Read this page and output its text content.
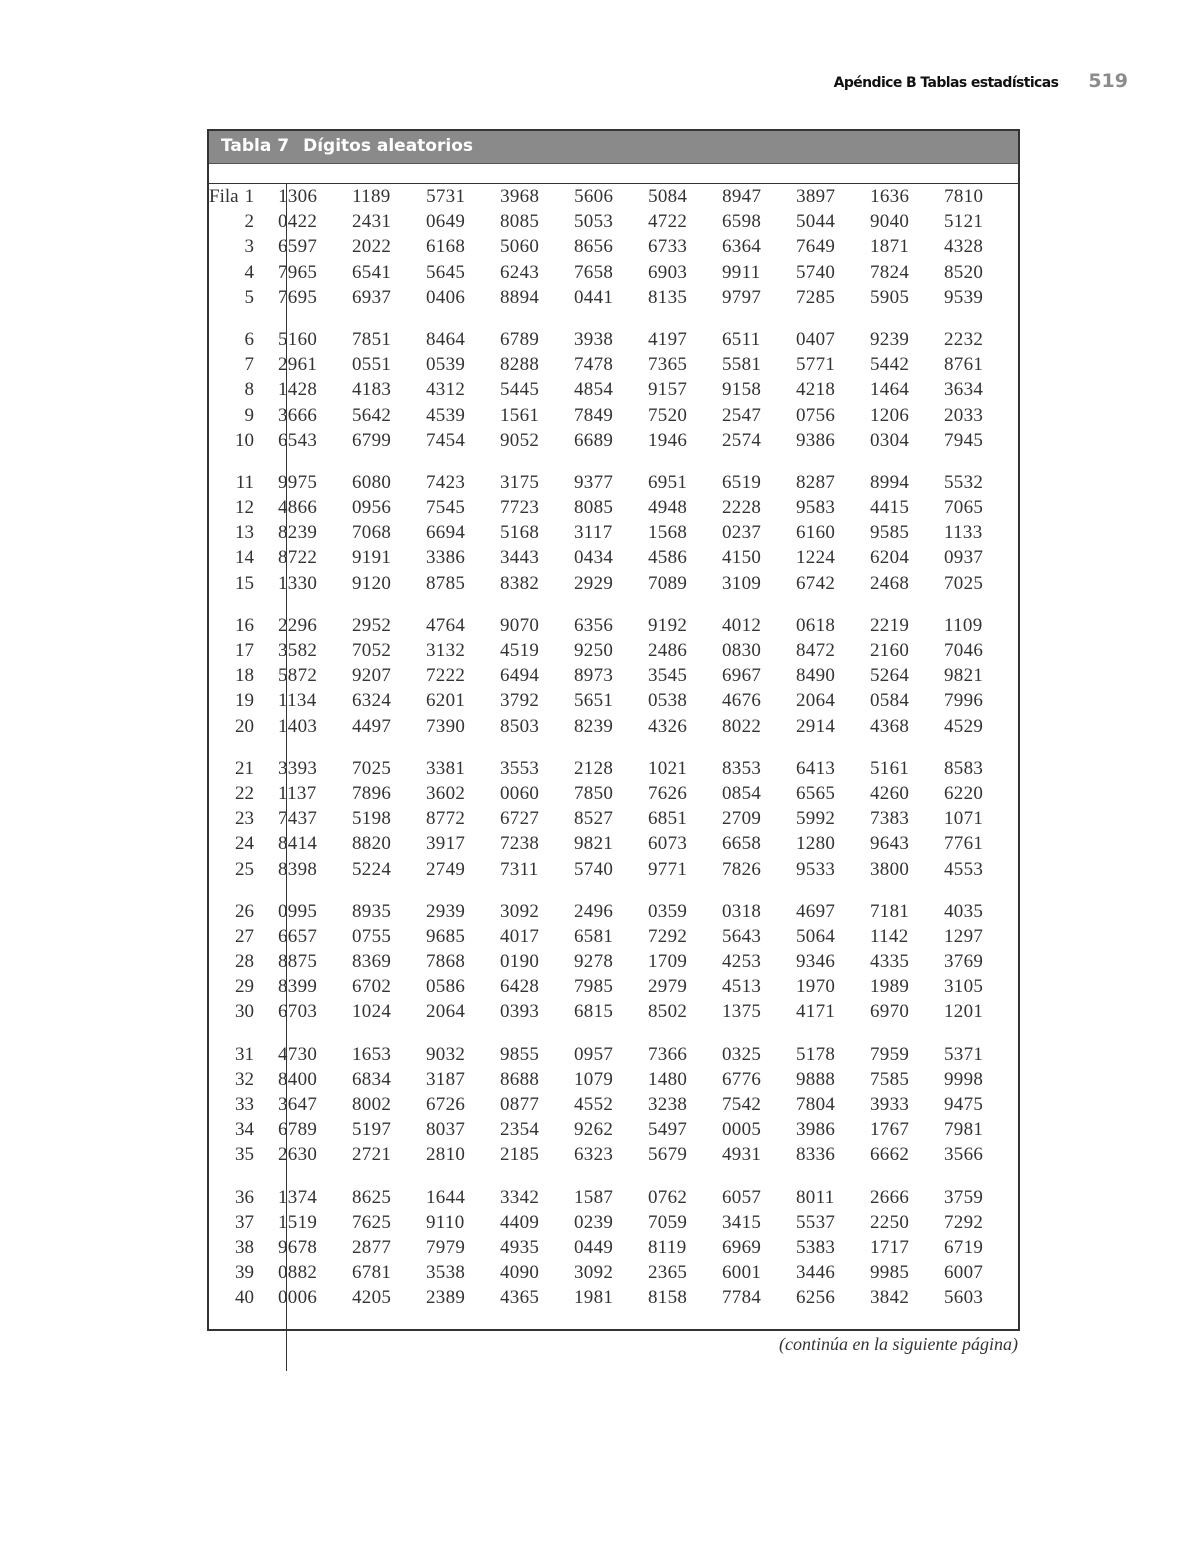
Apéndice B Tablas estadísticas 519
Tabla 7 Dígitos aleatorios
Fila 1	1306	1189	5731	3968	5606	5084	8947	3897	1636	7810
2	0422	2431	0649	8085	5053	4722	6598	5044	9040	5121
3	6597	2022	6168	5060	8656	6733	6364	7649	1871	4328
4	7965	6541	5645	6243	7658	6903	9911	5740	7824	8520
5	7695	6937	0406	8894	0441	8135	9797	7285	5905	9539
6	5160	7851	8464	6789	3938	4197	6511	0407	9239	2232
7	2961	0551	0539	8288	7478	7365	5581	5771	5442	8761
8	1428	4183	4312	5445	4854	9157	9158	4218	1464	3634
9	3666	5642	4539	1561	7849	7520	2547	0756	1206	2033
10	6543	6799	7454	9052	6689	1946	2574	9386	0304	7945
11	9975	6080	7423	3175	9377	6951	6519	8287	8994	5532
12	4866	0956	7545	7723	8085	4948	2228	9583	4415	7065
13	8239	7068	6694	5168	3117	1568	0237	6160	9585	1133
14	8722	9191	3386	3443	0434	4586	4150	1224	6204	0937
15	1330	9120	8785	8382	2929	7089	3109	6742	2468	7025
16	2296	2952	4764	9070	6356	9192	4012	0618	2219	1109
17	3582	7052	3132	4519	9250	2486	0830	8472	2160	7046
18	5872	9207	7222	6494	8973	3545	6967	8490	5264	9821
19	1134	6324	6201	3792	5651	0538	4676	2064	0584	7996
20	1403	4497	7390	8503	8239	4326	8022	2914	4368	4529
21	3393	7025	3381	3553	2128	1021	8353	6413	5161	8583
22	1137	7896	3602	0060	7850	7626	0854	6565	4260	6220
23	7437	5198	8772	6727	8527	6851	2709	5992	7383	1071
24	8414	8820	3917	7238	9821	6073	6658	1280	9643	7761
25	8398	5224	2749	7311	5740	9771	7826	9533	3800	4553
26	0995	8935	2939	3092	2496	0359	0318	4697	7181	4035
27	6657	0755	9685	4017	6581	7292	5643	5064	1142	1297
28	8875	8369	7868	0190	9278	1709	4253	9346	4335	3769
29	8399	6702	0586	6428	7985	2979	4513	1970	1989	3105
30	6703	1024	2064	0393	6815	8502	1375	4171	6970	1201
31	4730	1653	9032	9855	0957	7366	0325	5178	7959	5371
32	8400	6834	3187	8688	1079	1480	6776	9888	7585	9998
33	3647	8002	6726	0877	4552	3238	7542	7804	3933	9475
34	6789	5197	8037	2354	9262	5497	0005	3986	1767	7981
35	2630	2721	2810	2185	6323	5679	4931	8336	6662	3566
36	1374	8625	1644	3342	1587	0762	6057	8011	2666	3759
37	1519	7625	9110	4409	0239	7059	3415	5537	2250	7292
38	9678	2877	7979	4935	0449	8119	6969	5383	1717	6719
39	0882	6781	3538	4090	3092	2365	6001	3446	9985	6007
40	0006	4205	2389	4365	1981	8158	7784	6256	3842	5603
(continúa en la siguiente página)
